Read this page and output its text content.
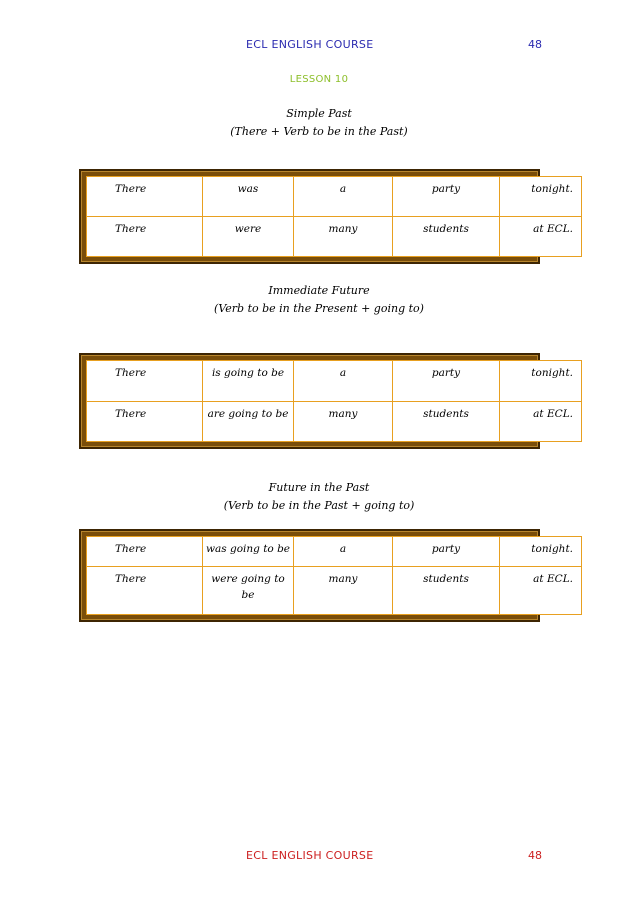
ECL ENGLISH COURSE	48
LESSON 10
Simple Past
(There + Verb to be in the Past)
There	was	a	party	tonight.
There	were	many	students	at ECL.
Immediate Future
(Verb to be in the Present + going to)
There	is going to be	a	party	tonight.
There	are going to be	many	students	at ECL.
Future in the Past
(Verb to be in the Past + going to)
There	was going to be	a	party	tonight.
There	were going to be	many	students	at ECL.
ECL ENGLISH COURSE	48
